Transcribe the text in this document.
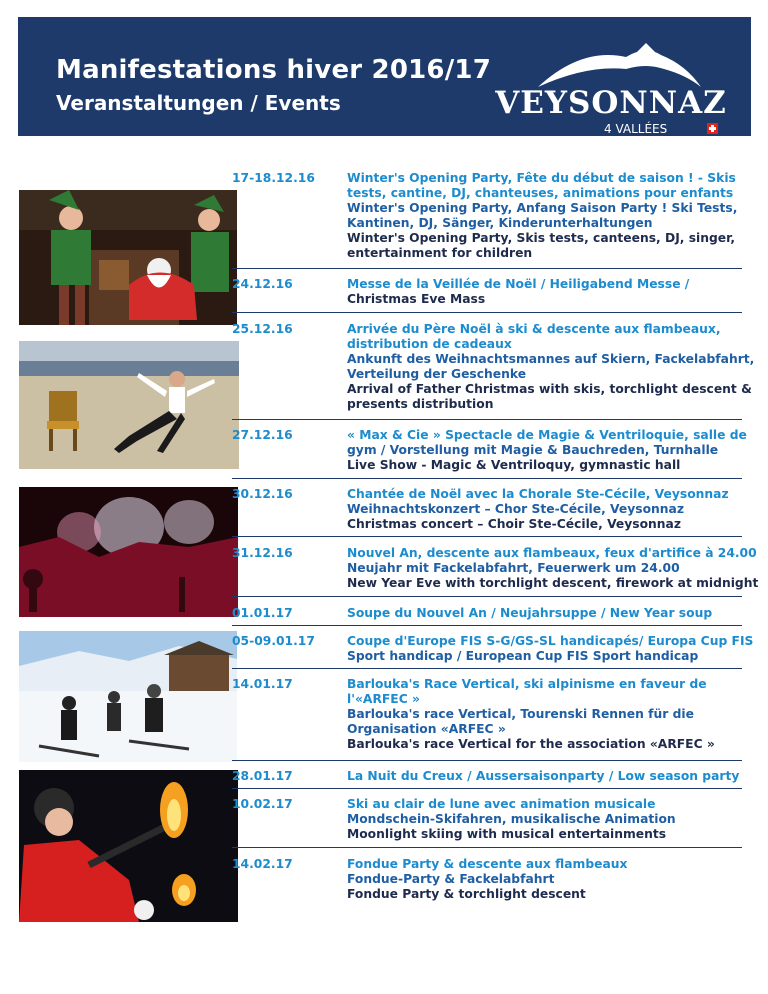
Manifestations hiver 2016/17
Veranstaltungen / Events	VEYSONNAZ
4 VALLÉES
17-18.12.16	Winter's Opening Party, Fête du début de saison ! - Skis
tests, cantine, DJ, chanteuses, animations pour enfants
Winter's Opening Party, Anfang Saison Party ! Ski Tests,
Kantinen, DJ, Sänger, Kinderunterhaltungen
Winter's Opening Party, Skis tests, canteens, DJ, singer,
entertainment for children
24.12.16	Messe de la Veillée de Noël / Heiligabend Messe /
Christmas Eve Mass
25.12.16	Arrivée du Père Noël à ski & descente aux flambeaux,
distribution de cadeaux
Ankunft des Weihnachtsmannes auf Skiern, Fackelabfahrt,
Verteilung der Geschenke
Arrival of Father Christmas with skis, torchlight descent &
presents distribution
27.12.16	« Max & Cie » Spectacle de Magie & Ventriloquie, salle de
gym / Vorstellung mit Magie & Bauchreden, Turnhalle
Live Show - Magic & Ventriloquy, gymnastic hall
30.12.16	Chantée de Noël avec la Chorale Ste-Cécile, Veysonnaz
Weihnachtskonzert – Chor Ste-Cécile, Veysonnaz
Christmas concert – Choir Ste-Cécile, Veysonnaz
31.12.16	Nouvel An, descente aux flambeaux, feux d'artifice à 24.00
Neujahr mit Fackelabfahrt, Feuerwerk um 24.00
New Year Eve with torchlight descent, firework at midnight
01.01.17	Soupe du Nouvel An / Neujahrsuppe / New Year soup
05-09.01.17	Coupe d'Europe FIS S-G/GS-SL handicapés/ Europa Cup FIS
Sport handicap / European Cup FIS Sport handicap
14.01.17	Barlouka's Race Vertical, ski alpinisme en faveur de
l'«ARFEC »
Barlouka's race Vertical, Tourenski Rennen für die
Organisation «ARFEC »
Barlouka's race Vertical for the association «ARFEC »
28.01.17	La Nuit du Creux / Aussersaisonparty / Low season party
10.02.17	Ski au clair de lune avec animation musicale
Mondschein-Skifahren, musikalische Animation
Moonlight skiing with musical entertainments
14.02.17	Fondue Party & descente aux flambeaux
Fondue-Party & Fackelabfahrt
Fondue Party & torchlight descent
